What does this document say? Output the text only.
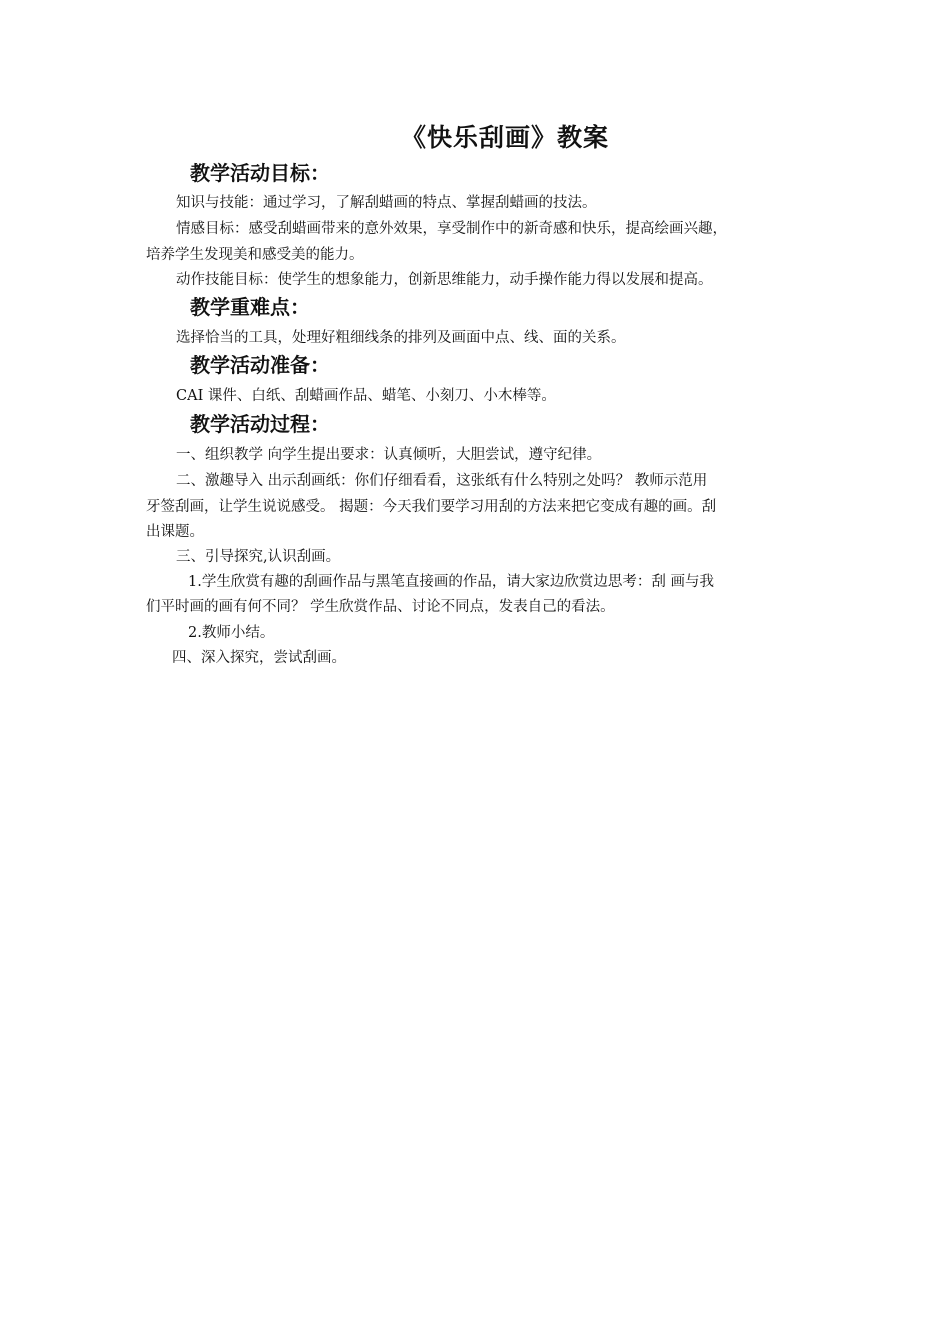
《快乐刮画》教案
教学活动目标：
知识与技能：通过学习，了解刮蜡画的特点、掌握刮蜡画的技法。
情感目标：感受刮蜡画带来的意外效果，享受制作中的新奇感和快乐，提高绘画兴趣，
培养学生发现美和感受美的能力。
动作技能目标：使学生的想象能力，创新思维能力，动手操作能力得以发展和提高。
教学重难点：
选择恰当的工具，处理好粗细线条的排列及画面中点、线、面的关系。
教学活动准备：
CAI 课件、白纸、刮蜡画作品、蜡笔、小刻刀、小木棒等。
教学活动过程：
一、组织教学 向学生提出要求：认真倾听，大胆尝试，遵守纪律。
二、激趣导入 出示刮画纸：你们仔细看看，这张纸有什么特别之处吗？ 教师示范用
牙签刮画，让学生说说感受。 揭题：今天我们要学习用刮的方法来把它变成有趣的画。刮
出课题。
三、引导探究,认识刮画。
1.学生欣赏有趣的刮画作品与黑笔直接画的作品，请大家边欣赏边思考：刮 画与我
们平时画的画有何不同？ 学生欣赏作品、讨论不同点，发表自己的看法。
2.教师小结。
四、深入探究，尝试刮画。
